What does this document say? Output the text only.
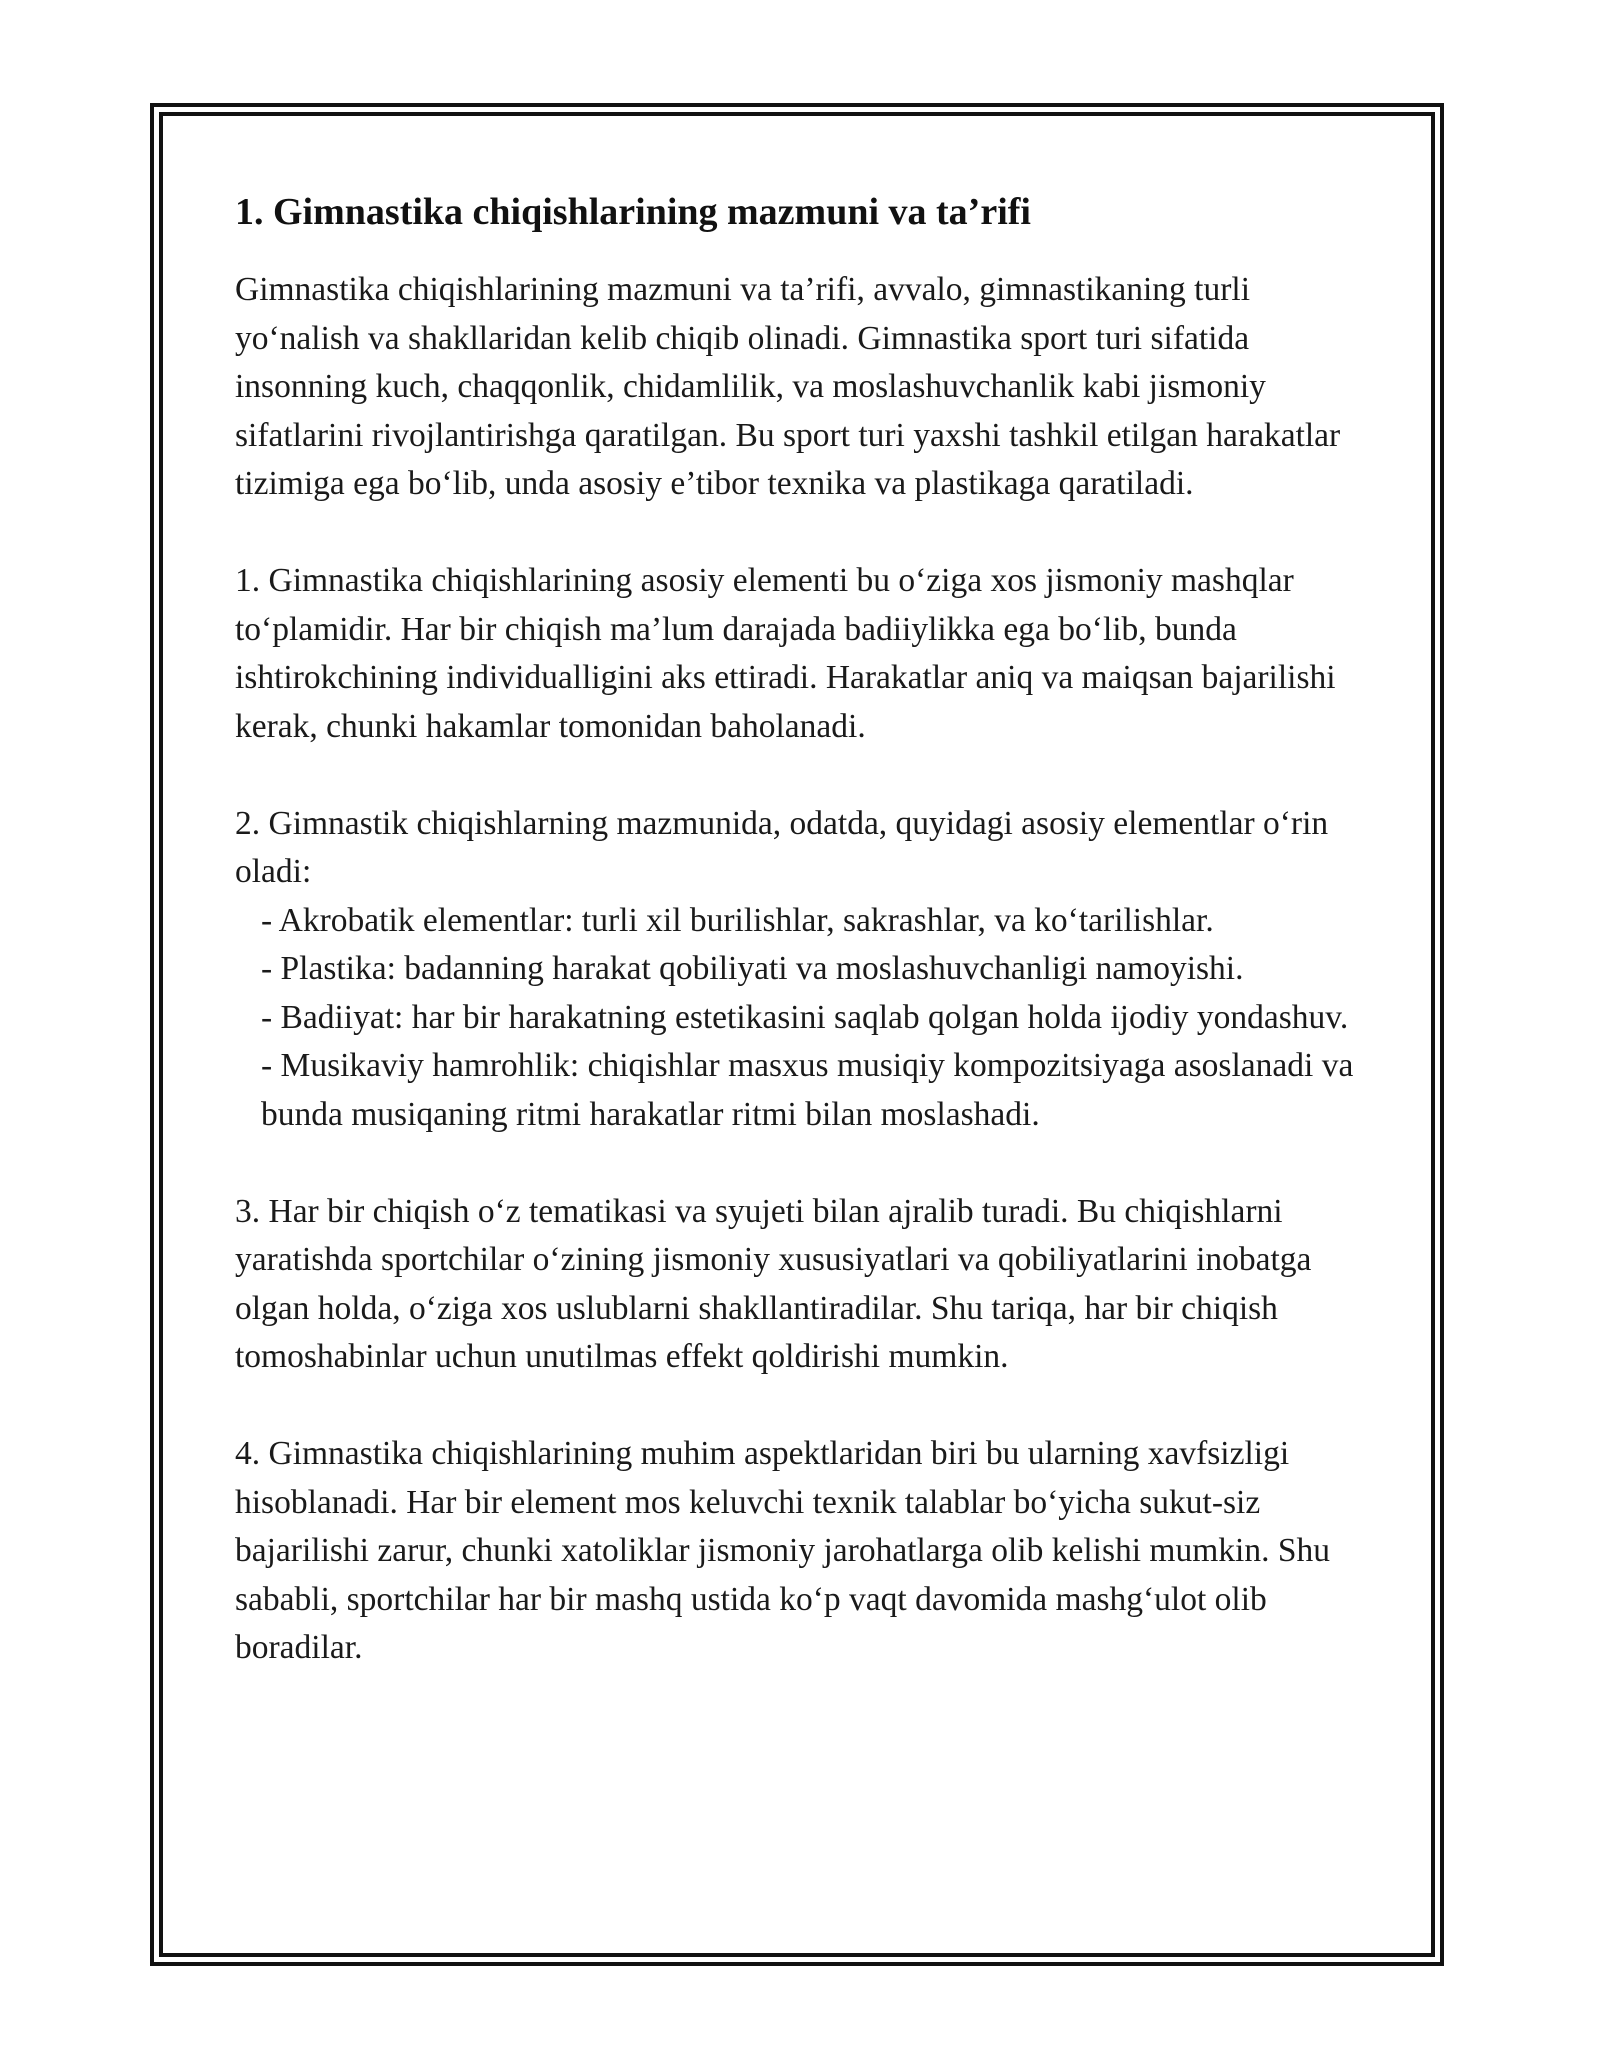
1. Gimnastika chiqishlarining mazmuni va ta’rifi

Gimnastika chiqishlarining mazmuni va ta’rifi, avvalo, gimnastikaning turli yo‘nalish va shakllaridan kelib chiqib olinadi. Gimnastika sport turi sifatida insonning kuch, chaqqonlik, chidamlilik, va moslashuvchanlik kabi jismoniy sifatlarini rivojlantirishga qaratilgan. Bu sport turi yaxshi tashkil etilgan harakatlar tizimiga ega bo‘lib, unda asosiy e’tibor texnika va plastikaga qaratiladi.

1. Gimnastika chiqishlarining asosiy elementi bu o‘ziga xos jismoniy mashqlar to‘plamidir. Har bir chiqish ma’lum darajada badiiylikka ega bo‘lib, bunda ishtirokchining individualligini aks ettiradi. Harakatlar aniq va maiqsan bajarilishi kerak, chunki hakamlar tomonidan baholanadi.

2. Gimnastik chiqishlarning mazmunida, odatda, quyidagi asosiy elementlar o‘rin oladi:

- Akrobatik elementlar: turli xil burilishlar, sakrashlar, va ko‘tarilishlar.

- Plastika: badanning harakat qobiliyati va moslashuvchanligi namoyishi.

- Badiiyat: har bir harakatning estetikasini saqlab qolgan holda ijodiy yondashuv.

- Musikaviy hamrohlik: chiqishlar masxus musiqiy kompozitsiyaga asoslanadi va bunda musiqaning ritmi harakatlar ritmi bilan moslashadi.

3. Har bir chiqish o‘z tematikasi va syujeti bilan ajralib turadi. Bu chiqishlarni yaratishda sportchilar o‘zining jismoniy xususiyatlari va qobiliyatlarini inobatga olgan holda, o‘ziga xos uslublarni shakllantiradilar. Shu tariqa, har bir chiqish tomoshabinlar uchun unutilmas effekt qoldirishi mumkin.

4. Gimnastika chiqishlarining muhim aspektlaridan biri bu ularning xavfsizligi hisoblanadi. Har bir element mos keluvchi texnik talablar bo‘yicha sukut-siz bajarilishi zarur, chunki xatoliklar jismoniy jarohatlarga olib kelishi mumkin. Shu sababli, sportchilar har bir mashq ustida ko‘p vaqt davomida mashg‘ulot olib boradilar.
